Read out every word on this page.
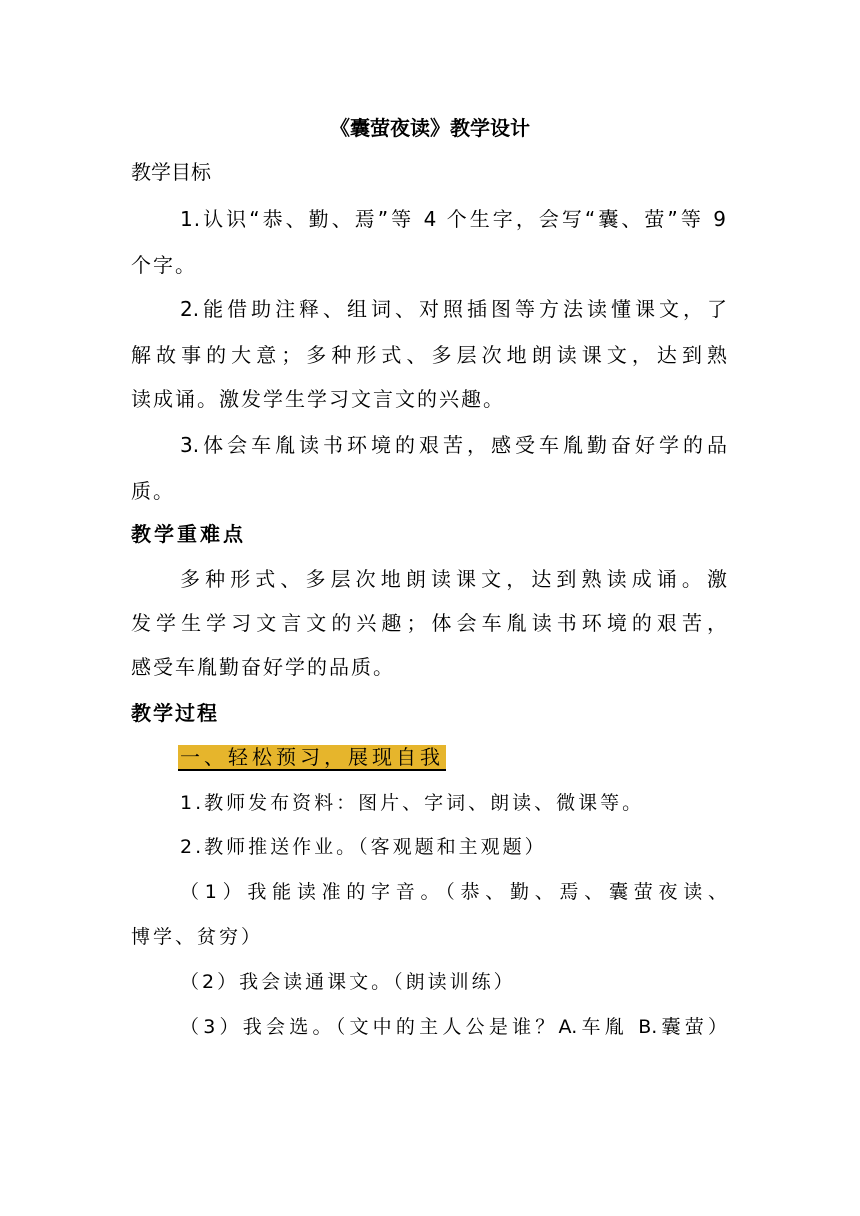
《囊萤夜读》教学设计
教学目标
1.认识“恭、勤、焉”等 4 个生字，会写“囊、萤”等 9
个字。
2.能借助注释、组词、对照插图等方法读懂课文，了
解故事的大意；多种形式、多层次地朗读课文，达到熟
读成诵。激发学生学习文言文的兴趣。
3.体会车胤读书环境的艰苦，感受车胤勤奋好学的品
质。
教学重难点
多种形式、多层次地朗读课文，达到熟读成诵。激
发学生学习文言文的兴趣；体会车胤读书环境的艰苦，
感受车胤勤奋好学的品质。
教学过程
一、轻松预习，展现自我
1.教师发布资料：图片、字词、朗读、微课等。
2.教师推送作业。（客观题和主观题）
（1）我能读准的字音。（恭、勤、焉、囊萤夜读、
博学、贫穷）
（2）我会读通课文。（朗读训练）
（3）我会选。（文中的主人公是谁？A.车胤 B.囊萤）
